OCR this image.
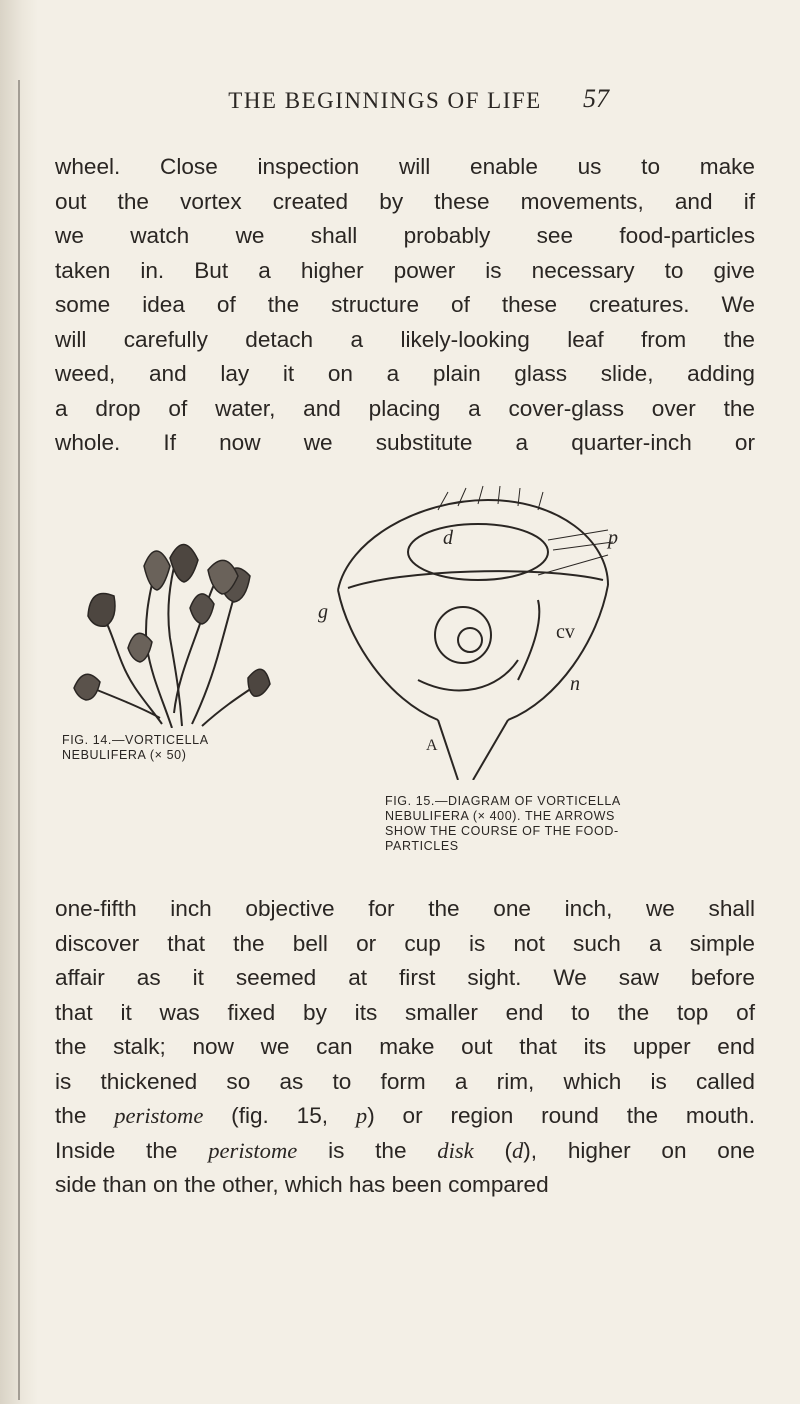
THE BEGINNINGS OF LIFE	57

wheel. Close inspection will enable us to make
out the vortex created by these movements, and if
we watch we shall probably see food-particles
taken in. But a higher power is necessary to give
some idea of the structure of these creatures. We
will carefully detach a likely-looking leaf from the
weed, and lay it on a plain glass slide, adding
a drop of water, and placing a cover-glass over the
whole. If now we substitute a quarter-inch or

FIG. 14.—VORTICELLA
NEBULIFERA (× 50)
d	p
g
cv
n
A
FIG. 15.—DIAGRAM OF VORTICELLA
NEBULIFERA (× 400). THE ARROWS
SHOW THE COURSE OF THE FOOD-
PARTICLES

one-fifth inch objective for the one inch, we shall
discover that the bell or cup is not such a simple
affair as it seemed at first sight. We saw before
that it was fixed by its smaller end to the top of
the stalk; now we can make out that its upper end
is thickened so as to form a rim, which is called
the peristome (fig. 15, p) or region round the mouth.
Inside the peristome is the disk (d), higher on one
side than on the other, which has been compared
